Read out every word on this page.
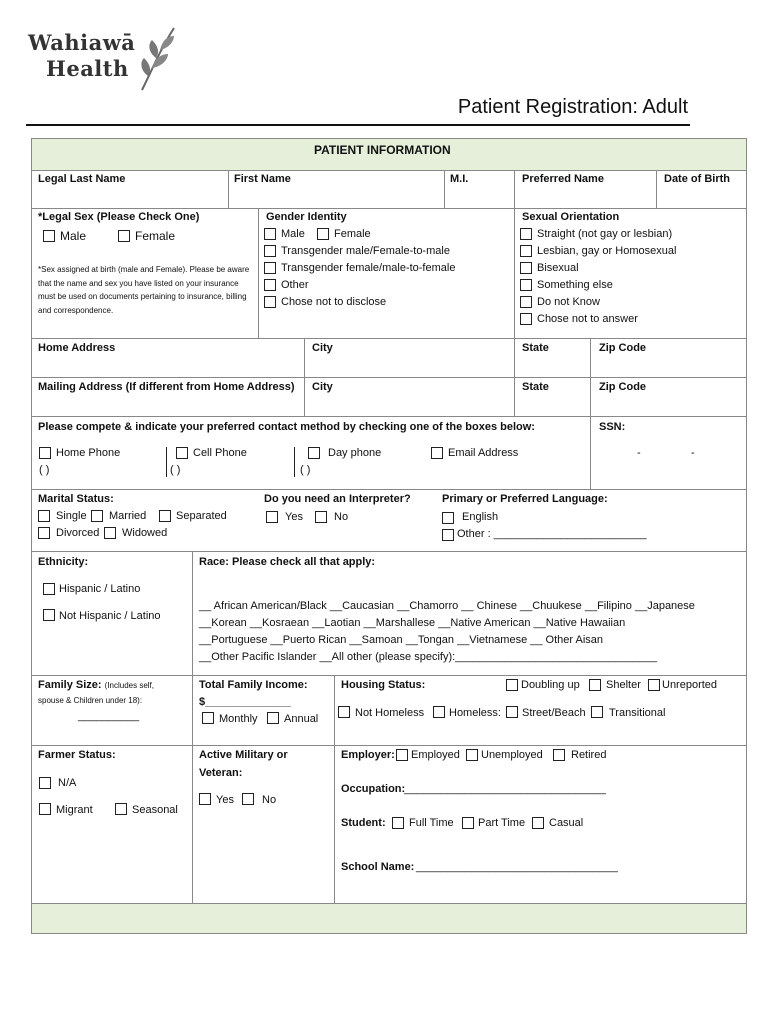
Wahiawā
Health
Patient Registration: Adult
PATIENT INFORMATION
Legal Last Name	First Name	M.I.	Preferred Name	Date of Birth
*Legal Sex (Please Check One)
Male	Female
*Sex assigned at birth (male and Female). Please be aware that the name and sex you have listed on your insurance must be used on documents pertaining to insurance, billing and correspondence.
Gender Identity
Male	Female
Transgender male/Female-to-male
Transgender female/male-to-female
Other
Chose not to disclose
Sexual Orientation
Straight (not gay or lesbian)
Lesbian, gay or Homosexual
Bisexual
Something else
Do not Know
Chose not to answer
Home Address	City	State	Zip Code
Mailing Address (If different from Home Address) City	State	Zip Code
Please compete & indicate your preferred contact method by checking one of the boxes below:	SSN:
Home Phone
( )
Cell Phone
( )
Day phone
( )
Email Address	-	-
Marital Status:
Single Married	Separated
Divorced Widowed
Do you need an Interpreter?
Yes	No
Primary or Preferred Language:
English
Other : _________________________
Ethnicity:
Hispanic / Latino
Not Hispanic / Latino
Race: Please check all that apply:
__ African American/Black __Caucasian __Chamorro __ Chinese __Chuukese __Filipino __Japanese
__Korean __Kosraean __Laotian __Marshallese __Native American __Native Hawaiian
__Portuguese __Puerto Rican __Samoan __Tongan __Vietnamese __ Other Aisan
__Other Pacific Islander __All other (please specify):_________________________________
Family Size: (Includes self,
spouse & Children under 18):
__________
Total Family Income:
$______________
Monthly Annual
Housing Status:	Doubling up Shelter Unreported
Not Homeless Homeless: Street/Beach Transitional
Farmer Status:
N/A
Migrant	Seasonal
Active Military or
Veteran:
Yes	No
Employer: Employed Unemployed	Retired
Occupation:
_________________________________
Student: Full Time Part Time Casual
School Name: _________________________________
